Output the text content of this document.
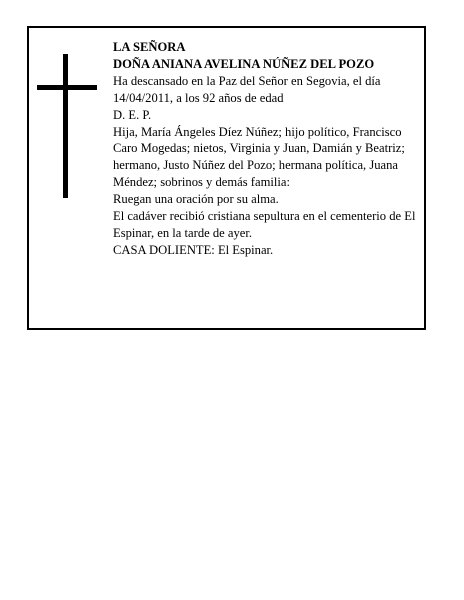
LA SEÑORA

DOÑA ANIANA AVELINA NÚÑEZ DEL POZO

Ha descansado en la Paz del Señor en Segovia, el día 14/04/2011, a los 92 años de edad

D. E. P.

Hija, María Ángeles Díez Núñez; hijo político, Francisco Caro Mogedas; nietos, Virginia y Juan, Damián y Beatriz; hermano, Justo Núñez del Pozo; hermana política, Juana Méndez; sobrinos y demás familia:

Ruegan una oración por su alma.

El cadáver recibió cristiana sepultura en el cementerio de El Espinar, en la tarde de ayer.

CASA DOLIENTE: El Espinar.
